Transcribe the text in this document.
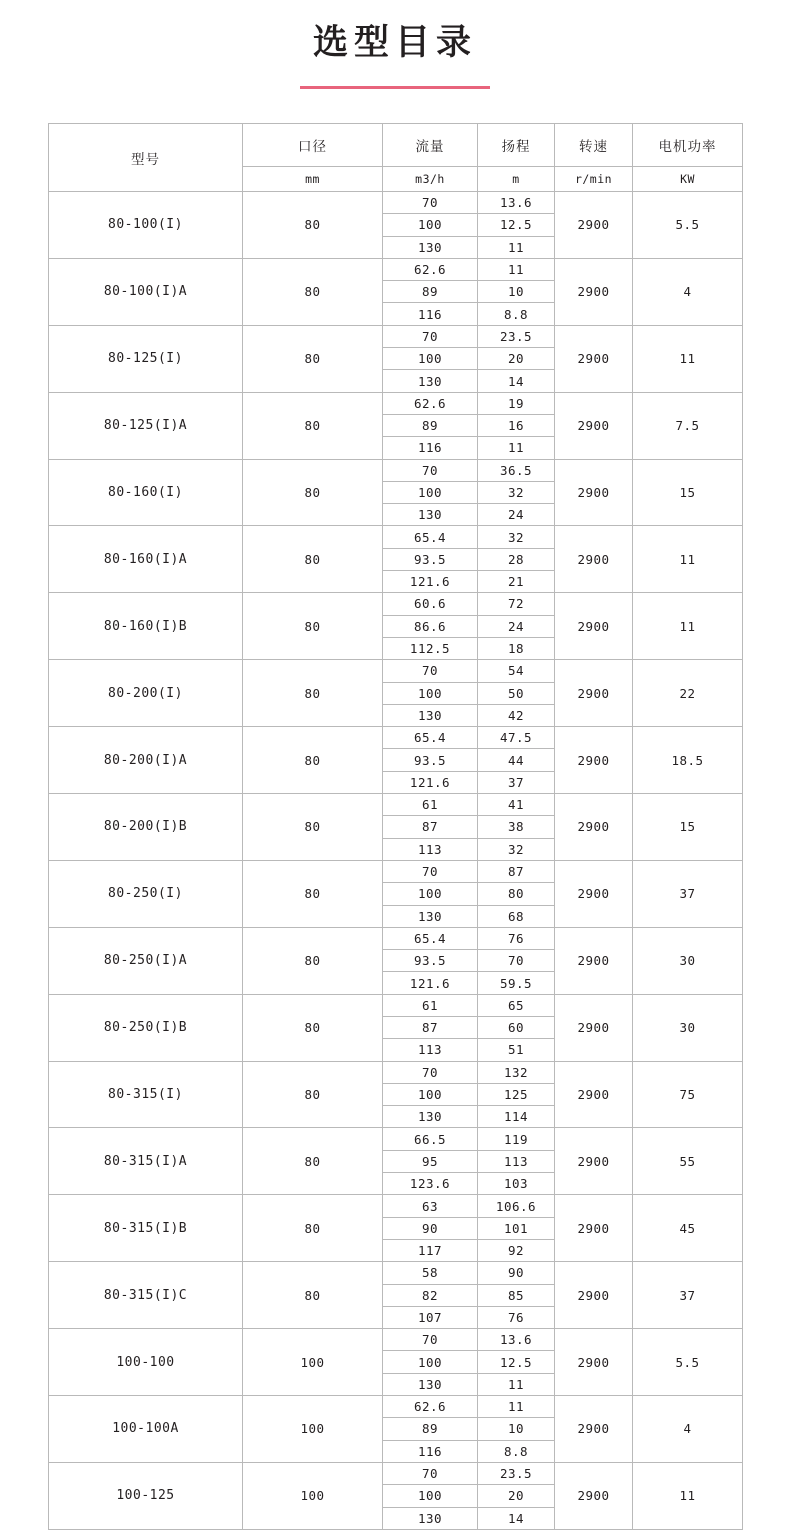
选型目录
型号	口径	流量	扬程	转速	电机功率
	mm	m3/h	m	r/min	KW
80-100(I)	80	70	13.6	2900	5.5
		100	12.5		
		130	11		
80-100(I)A	80	62.6	11	2900	4
		89	10		
		116	8.8		
80-125(I)	80	70	23.5	2900	11
		100	20		
		130	14		
80-125(I)A	80	62.6	19	2900	7.5
		89	16		
		116	11		
80-160(I)	80	70	36.5	2900	15
		100	32		
		130	24		
80-160(I)A	80	65.4	32	2900	11
		93.5	28		
		121.6	21		
80-160(I)B	80	60.6	72	2900	11
		86.6	24		
		112.5	18		
80-200(I)	80	70	54	2900	22
		100	50		
		130	42		
80-200(I)A	80	65.4	47.5	2900	18.5
		93.5	44		
		121.6	37		
80-200(I)B	80	61	41	2900	15
		87	38		
		113	32		
80-250(I)	80	70	87	2900	37
		100	80		
		130	68		
80-250(I)A	80	65.4	76	2900	30
		93.5	70		
		121.6	59.5		
80-250(I)B	80	61	65	2900	30
		87	60		
		113	51		
80-315(I)	80	70	132	2900	75
		100	125		
		130	114		
80-315(I)A	80	66.5	119	2900	55
		95	113		
		123.6	103		
80-315(I)B	80	63	106.6	2900	45
		90	101		
		117	92		
80-315(I)C	80	58	90	2900	37
		82	85		
		107	76		
100-100	100	70	13.6	2900	5.5
		100	12.5		
		130	11		
100-100A	100	62.6	11	2900	4
		89	10		
		116	8.8		
100-125	100	70	23.5	2900	11
		100	20		
		130	14		
